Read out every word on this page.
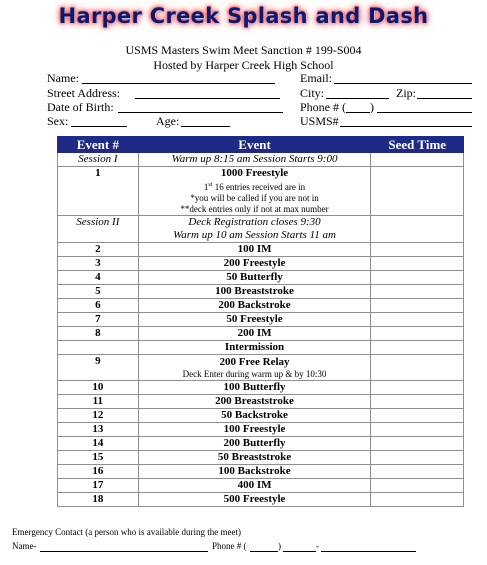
Harper Creek Splash and Dash
USMS Masters Swim Meet Sanction # 199-S004
Hosted by Harper Creek High School
Name:	Email:
Street Address:	City:	Zip:
Date of Birth:	Phone # ( )
Sex:	Age:	USMS#
Event #	Event	Seed Time
Session I	Warm up 8:15 am Session Starts 9:00	
1	1000 Freestyle
1st 16 entries received are in
*you will be called if you are not in
**deck entries only if not at max number	

Session II	Deck Registration closes 9:30
Warm up 10 am Session Starts 11 am	

2	100 IM	
3	200 Freestyle	
4	50 Butterfly	
5	100 Breaststroke	
6	200 Backstroke	
7	50 Freestyle	
8	200 IM	
	Intermission	
9	200 Free Relay
Deck Enter during warm up & by 10:30	

10	100 Butterfly	
11	200 Breaststroke	
12	50 Backstroke	
13	100 Freestyle	
14	200 Butterfly	
15	50 Breaststroke	
16	100 Backstroke	
17	400 IM	
18	500 Freestyle	
Emergency Contact (a person who is available during the meet)
Name-	Phone # (	)	-
